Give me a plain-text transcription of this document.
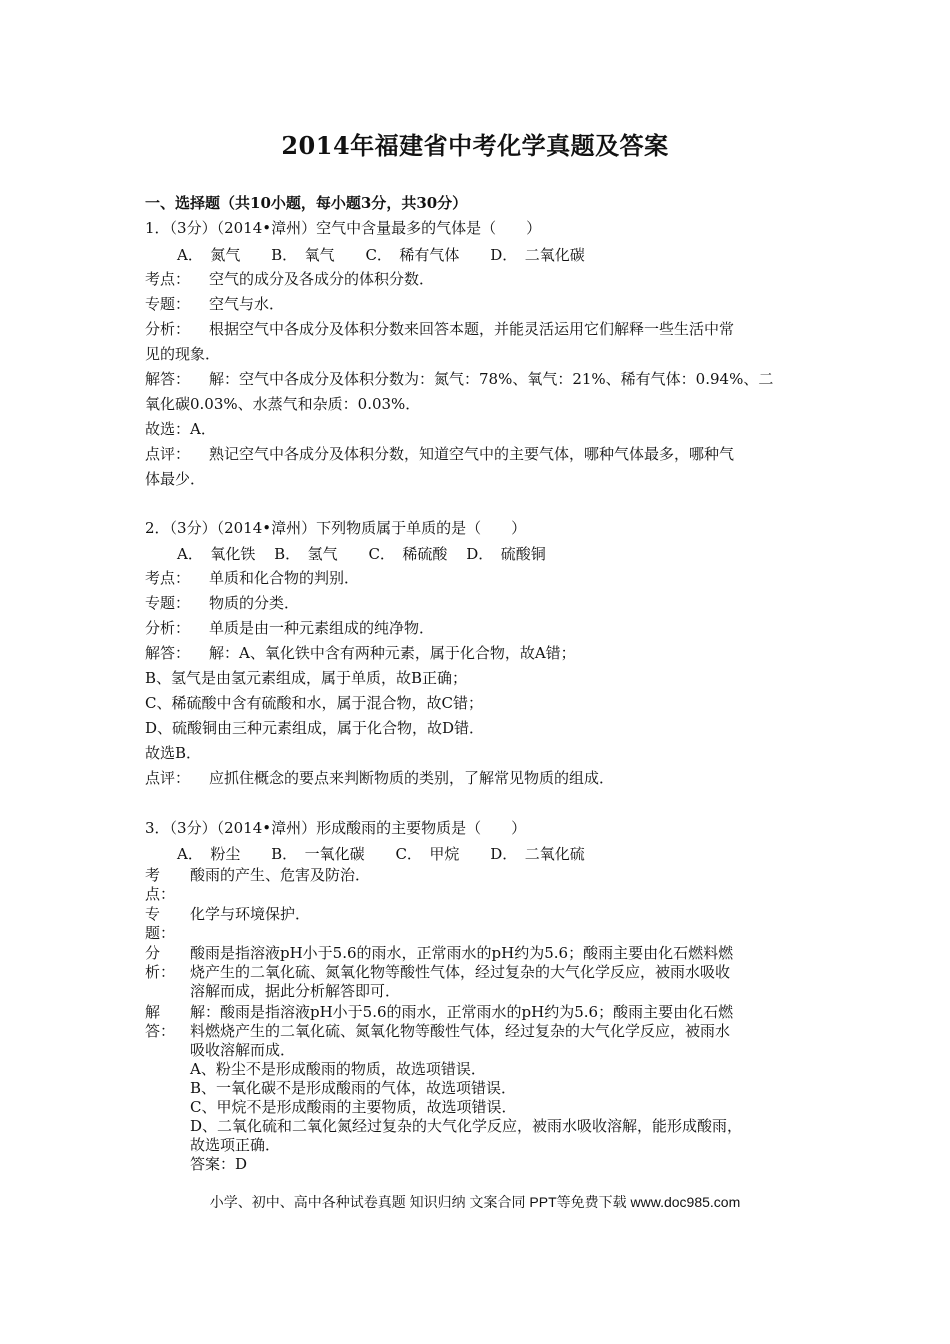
2014年福建省中考化学真题及答案
一、选择题（共10小题，每小题3分，共30分）
1．（3分）（2014•漳州）空气中含量最多的气体是（　　）
A．　氮气 B．　氧气 C．　稀有气体 D．　二氧化碳
考点： 空气的成分及各成分的体积分数．
专题： 空气与水．
分析： 根据空气中各成分及体积分数来回答本题，并能灵活运用它们解释一些生活中常
见的现象．
解答： 解：空气中各成分及体积分数为：氮气：78%、氧气：21%、稀有气体：0.94%、二
氧化碳0.03%、水蒸气和杂质：0.03%．
故选：A．
点评： 熟记空气中各成分及体积分数，知道空气中的主要气体，哪种气体最多，哪种气
体最少．
2．（3分）（2014•漳州）下列物质属于单质的是（　　）
A．　氧化铁 B．　氢气 C．　稀硫酸 D．　硫酸铜
考点： 单质和化合物的判别．
专题： 物质的分类．
分析： 单质是由一种元素组成的纯净物．
解答： 解：A、氧化铁中含有两种元素，属于化合物，故A错；
B、氢气是由氢元素组成，属于单质，故B正确；
C、稀硫酸中含有硫酸和水，属于混合物，故C错；
D、硫酸铜由三种元素组成，属于化合物，故D错．
故选B．
点评： 应抓住概念的要点来判断物质的类别，了解常见物质的组成．
3．（3分）（2014•漳州）形成酸雨的主要物质是（　　）
A．　粉尘 B．　一氧化碳 C．　甲烷 D．　二氧化硫
考
点：
酸雨的产生、危害及防治．
专
题：
化学与环境保护．
分
析：
酸雨是指溶液pH小于5.6的雨水，正常雨水的pH约为5.6；酸雨主要由化石燃料燃
烧产生的二氧化硫、氮氧化物等酸性气体，经过复杂的大气化学反应，被雨水吸收
溶解而成，据此分析解答即可．
解
答：
解：酸雨是指溶液pH小于5.6的雨水，正常雨水的pH约为5.6；酸雨主要由化石燃
料燃烧产生的二氧化硫、氮氧化物等酸性气体，经过复杂的大气化学反应，被雨水
吸收溶解而成．
A、粉尘不是形成酸雨的物质，故选项错误．
B、一氧化碳不是形成酸雨的气体，故选项错误．
C、甲烷不是形成酸雨的主要物质，故选项错误．
D、二氧化硫和二氧化氮经过复杂的大气化学反应，被雨水吸收溶解，能形成酸雨，
故选项正确．
答案：D
小学、初中、高中各种试卷真题 知识归纳 文案合同 PPT等免费下载 www.doc985.com
